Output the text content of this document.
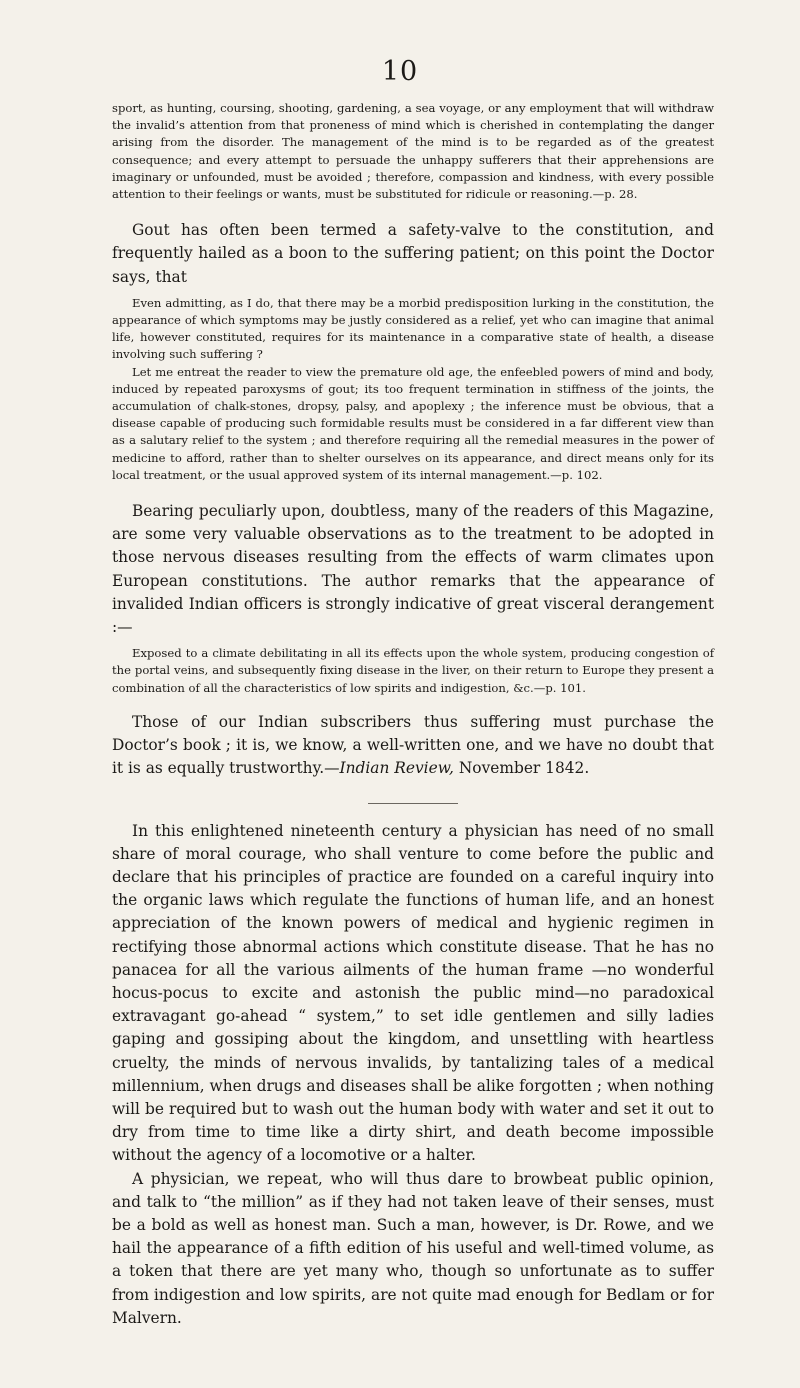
10

sport, as hunting, coursing, shooting, gardening, a sea voyage, or any employment that will withdraw the invalid’s attention from that proneness of mind which is cherished in contemplating the danger arising from the disorder. The management of the mind is to be regarded as of the greatest consequence; and every attempt to persuade the unhappy sufferers that their apprehensions are imaginary or unfounded, must be avoided ; therefore, compassion and kindness, with every possible attention to their feelings or wants, must be substituted for ridicule or reasoning.—p. 28.

Gout has often been termed a safety-valve to the constitution, and frequently hailed as a boon to the suffering patient; on this point the Doctor says, that

Even admitting, as I do, that there may be a morbid predisposition lurking in the constitution, the appearance of which symptoms may be justly considered as a relief, yet who can imagine that animal life, however constituted, requires for its maintenance in a comparative state of health, a disease involving such suffering ?

Let me entreat the reader to view the premature old age, the enfeebled powers of mind and body, induced by repeated paroxysms of gout; its too frequent termination in stiffness of the joints, the accumulation of chalk-stones, dropsy, palsy, and apoplexy ; the inference must be obvious, that a disease capable of producing such formidable results must be considered in a far different view than as a salutary relief to the system ; and therefore requiring all the remedial measures in the power of medicine to afford, rather than to shelter ourselves on its appearance, and direct means only for its local treatment, or the usual approved system of its internal management.—p. 102.

Bearing peculiarly upon, doubtless, many of the readers of this Magazine, are some very valuable observations as to the treatment to be adopted in those nervous diseases resulting from the effects of warm climates upon European constitutions. The author remarks that the appearance of invalided Indian officers is strongly indicative of great visceral derangement :—

Exposed to a climate debilitating in all its effects upon the whole system, producing congestion of the portal veins, and subsequently fixing disease in the liver, on their return to Europe they present a combination of all the characteristics of low spirits and indigestion, &c.—p. 101.

Those of our Indian subscribers thus suffering must purchase the Doctor’s book ; it is, we know, a well-written one, and we have no doubt that it is as equally trustworthy.—Indian Review, November 1842.

In this enlightened nineteenth century a physician has need of no small share of moral courage, who shall venture to come before the public and declare that his principles of practice are founded on a careful inquiry into the organic laws which regulate the functions of human life, and an honest appreciation of the known powers of medical and hygienic regimen in rectifying those abnormal actions which constitute disease. That he has no panacea for all the various ailments of the human frame —no wonderful hocus-pocus to excite and astonish the public mind—no paradoxical extravagant go-ahead “ system,” to set idle gentlemen and silly ladies gaping and gossiping about the kingdom, and unsettling with heartless cruelty, the minds of nervous invalids, by tantalizing tales of a medical millennium, when drugs and diseases shall be alike forgotten ; when nothing will be required but to wash out the human body with water and set it out to dry from time to time like a dirty shirt, and death become impossible without the agency of a locomotive or a halter.

A physician, we repeat, who will thus dare to browbeat public opinion, and talk to “the million” as if they had not taken leave of their senses, must be a bold as well as honest man. Such a man, however, is Dr. Rowe, and we hail the appearance of a fifth edition of his useful and well-timed volume, as a token that there are yet many who, though so unfortunate as to suffer from indigestion and low spirits, are not quite mad enough for Bedlam or for Malvern.
